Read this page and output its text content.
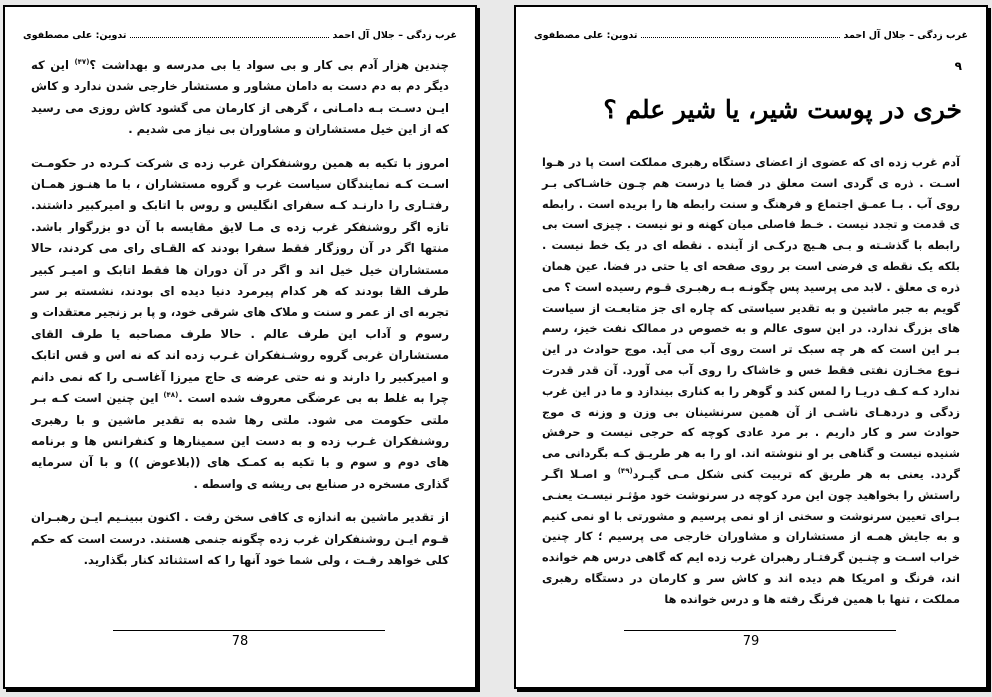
غرب زدگی – جلال آل احمد
تدوین: علی مصطفوی

چندین هزار آدم بی کار و بی سواد یا بی مدرسه و بهداشت ؟$^{(۴۷)}$ این که دیگر دم به دم دست به دامان مشاور و مستشار خارجی شدن ندارد و کاش ایـن دسـت بـه دامـانی ، گرهی از کارمان می گشود کاش روزی می رسید که از این خیل مستشاران و مشاوران بی نیاز می شدیم .

امروز با تکیه به همین روشنفکران غرب زده ی شرکت کـرده در حکومـت اسـت کـه نمایندگان سیاست غرب و گروه مستشاران ، با ما هنـوز همـان رفتـاری را دارنـد کـه سفرای انگلیس و روس با اتابک و امیرکبیر داشتند. تازه اگر روشنفکر غرب زده ی مـا لایق مقایسه با آن دو بزرگوار باشد. منتها اگر در آن روزگار فقط سفرا بودند که القـای رای می کردند، حالا مستشاران خیل خیل اند و اگر در آن دوران ها فقط اتابک و امیـر کبیر طرف القا بودند که هر کدام پیرمرد دنیا دیده ای بودند، نشسته بر سر تجربه ای از عمر و سنت و ملاک های شرقی خود، و پا بر زنجیر معتقدات و رسوم و آداب این طرف عالم . حالا طرف مصاحبه یا طرف القای مستشاران غربی گروه روشـنفکران غـرب زده اند که نه اس و قس اتابک و امیرکبیر را دارند و نه حتی عرضه ی حاج میرزا آغاسـی را که نمی دانم چرا به غلط به بی عرضگی معروف شده است .$^{(۴۸)}$ این چنین است کـه بـر ملتی حکومت می شود. ملتی رها شده به تقدیر ماشین و با رهبری روشنفکران غـرب زده و به دست این سمینارها و کنفرانس ها و برنامه های دوم و سوم و با تکیه به کمـک های ((بلاعوض )) و با آن سرمایه گذاری مسخره در صنایع بی ریشه ی واسطه .

از تقدیر ماشین به اندازه ی کافی سخن رفت . اکنون ببینـیم ایـن رهبـران قـوم ایـن روشنفکران غرب زده چگونه جنمی هستند. درست است که حکم کلی خواهد رفـت ، ولی شما خود آنها را که استثنائد کنار بگذارید.

78
غرب زدگی – جلال آل احمد
تدوین: علی مصطفوی
۹
خری در پوست شیر، یا شیر علم ؟

آدم غرب زده ای که عضوی از اعضای دستگاه رهبری مملکت است پا در هـوا اسـت . ذره ی گردی است معلق در فضا یا درست هم چـون خاشـاکی بـر روی آب . بـا عمـق اجتماع و فرهنگ و سنت رابطه ها را بریده است . رابطه ی قدمت و تجدد نیست . خـط فاصلی میان کهنه و نو نیست . چیزی است بی رابطه با گذشـته و بـی هـیچ درکـی از آینده . نقطه ای در یک خط نیست . بلکه یک نقطه ی فرضی است بر روی صفحه ای یا حتی در فضا. عین همان ذره ی معلق . لابد می پرسید پس چگونـه بـه رهبـری قـوم رسیده است ؟ می گویم به جبر ماشین و به تقدیر سیاستی که چاره ای جز متابعـت از سیاست های بزرگ ندارد. در این سوی عالم و به خصوص در ممالک نفت خیز، رسم بـر این است که هر چه سبک تر است روی آب می آید. موج حوادث در این نـوع مخـازن نفتی فقط خس و خاشاک را روی آب می آورد. آن قدر قدرت ندارد کـه کـف دریـا را لمس کند و گوهر را به کناری بیندازد و ما در این غرب زدگی و دردهـای ناشـی از آن همین سرنشینان بی وزن و وزنه ی موج حوادث سر و کار داریم . بر مرد عادی کوچه که حرجی نیست و حرفش شنیده نیست و گناهی بر او ننوشته اند. او را به هر طریـق کـه بگردانی می گردد. یعنی به هر طریق که تربیت کنی شکل مـی گیـرد$^{(۴۹)}$ و اصـلا اگـر راستش را بخواهید چون این مرد کوچه در سرنوشت خود مؤثـر نیسـت یعنـی بـرای تعیین سرنوشت و سخنی از او نمی پرسیم و مشورتی با او نمی کنیم و به جایش همـه از مستشاران و مشاوران خارجی می پرسیم ؛ کار چنین خراب اسـت و چنـین گرفتـار رهبران غرب زده ایم که گاهی درس هم خوانده اند، فرنگ و امریکا هم دیده اند و کاش سر و کارمان در دستگاه رهبری مملکت ، تنها با همین فرنگ رفته ها و درس خوانده ها

79
